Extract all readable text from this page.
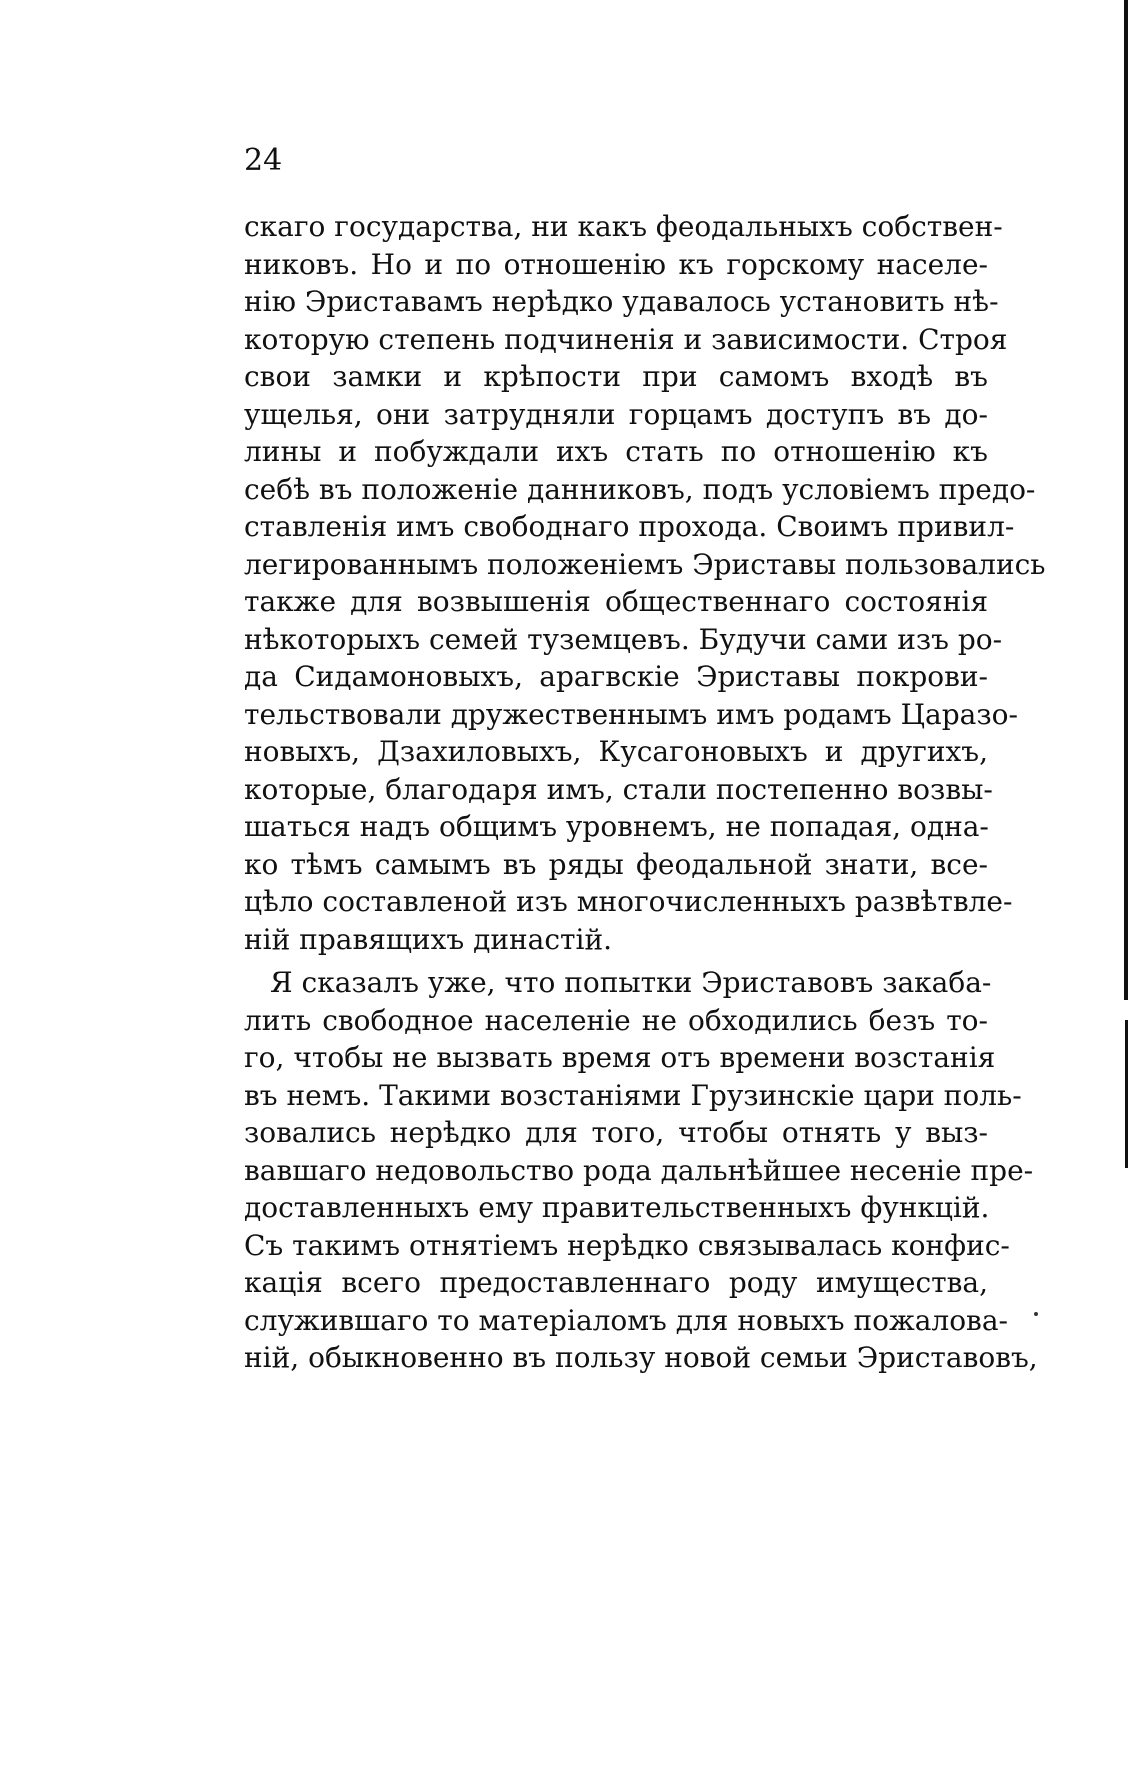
24
скаго государства, ни какъ феодальныхъ собствен-
никовъ. Но и по отношенію къ горскому населе-
нію Эриставамъ нерѣдко удавалось установить нѣ-
которую степень подчиненія и зависимости. Строя
свои замки и крѣпости при самомъ входѣ въ
ущелья, они затрудняли горцамъ доступъ въ до-
лины и побуждали ихъ стать по отношенію къ
себѣ въ положеніе данниковъ, подъ условіемъ предо-
ставленія имъ свободнаго прохода. Своимъ привил-
легированнымъ положеніемъ Эриставы пользовались
также для возвышенія общественнаго состоянія
нѣкоторыхъ семей туземцевъ. Будучи сами изъ ро-
да Сидамоновыхъ, арагвскіе Эриставы покрови-
тельствовали дружественнымъ имъ родамъ Царазо-
новыхъ, Дзахиловыхъ, Кусагоновыхъ и другихъ,
которые, благодаря имъ, стали постепенно возвы-
шаться надъ общимъ уровнемъ, не попадая, одна-
ко тѣмъ самымъ въ ряды феодальной знати, все-
цѣло составленой изъ многочисленныхъ развѣтвле-
ній правящихъ династій.
Я сказалъ уже, что попытки Эриставовъ закаба-
лить свободное населеніе не обходились безъ то-
го, чтобы не вызвать время отъ времени возстанія
въ немъ. Такими возстаніями Грузинскіе цари поль-
зовались нерѣдко для того, чтобы отнять у выз-
вавшаго недовольство рода дальнѣйшее несеніе пре-
доставленныхъ ему правительственныхъ функцій.
Съ такимъ отнятіемъ нерѣдко связывалась конфис-
кація всего предоставленнаго роду имущества,
служившаго то матеріаломъ для новыхъ пожалова-
ній, обыкновенно въ пользу новой семьи Эриставовъ,
